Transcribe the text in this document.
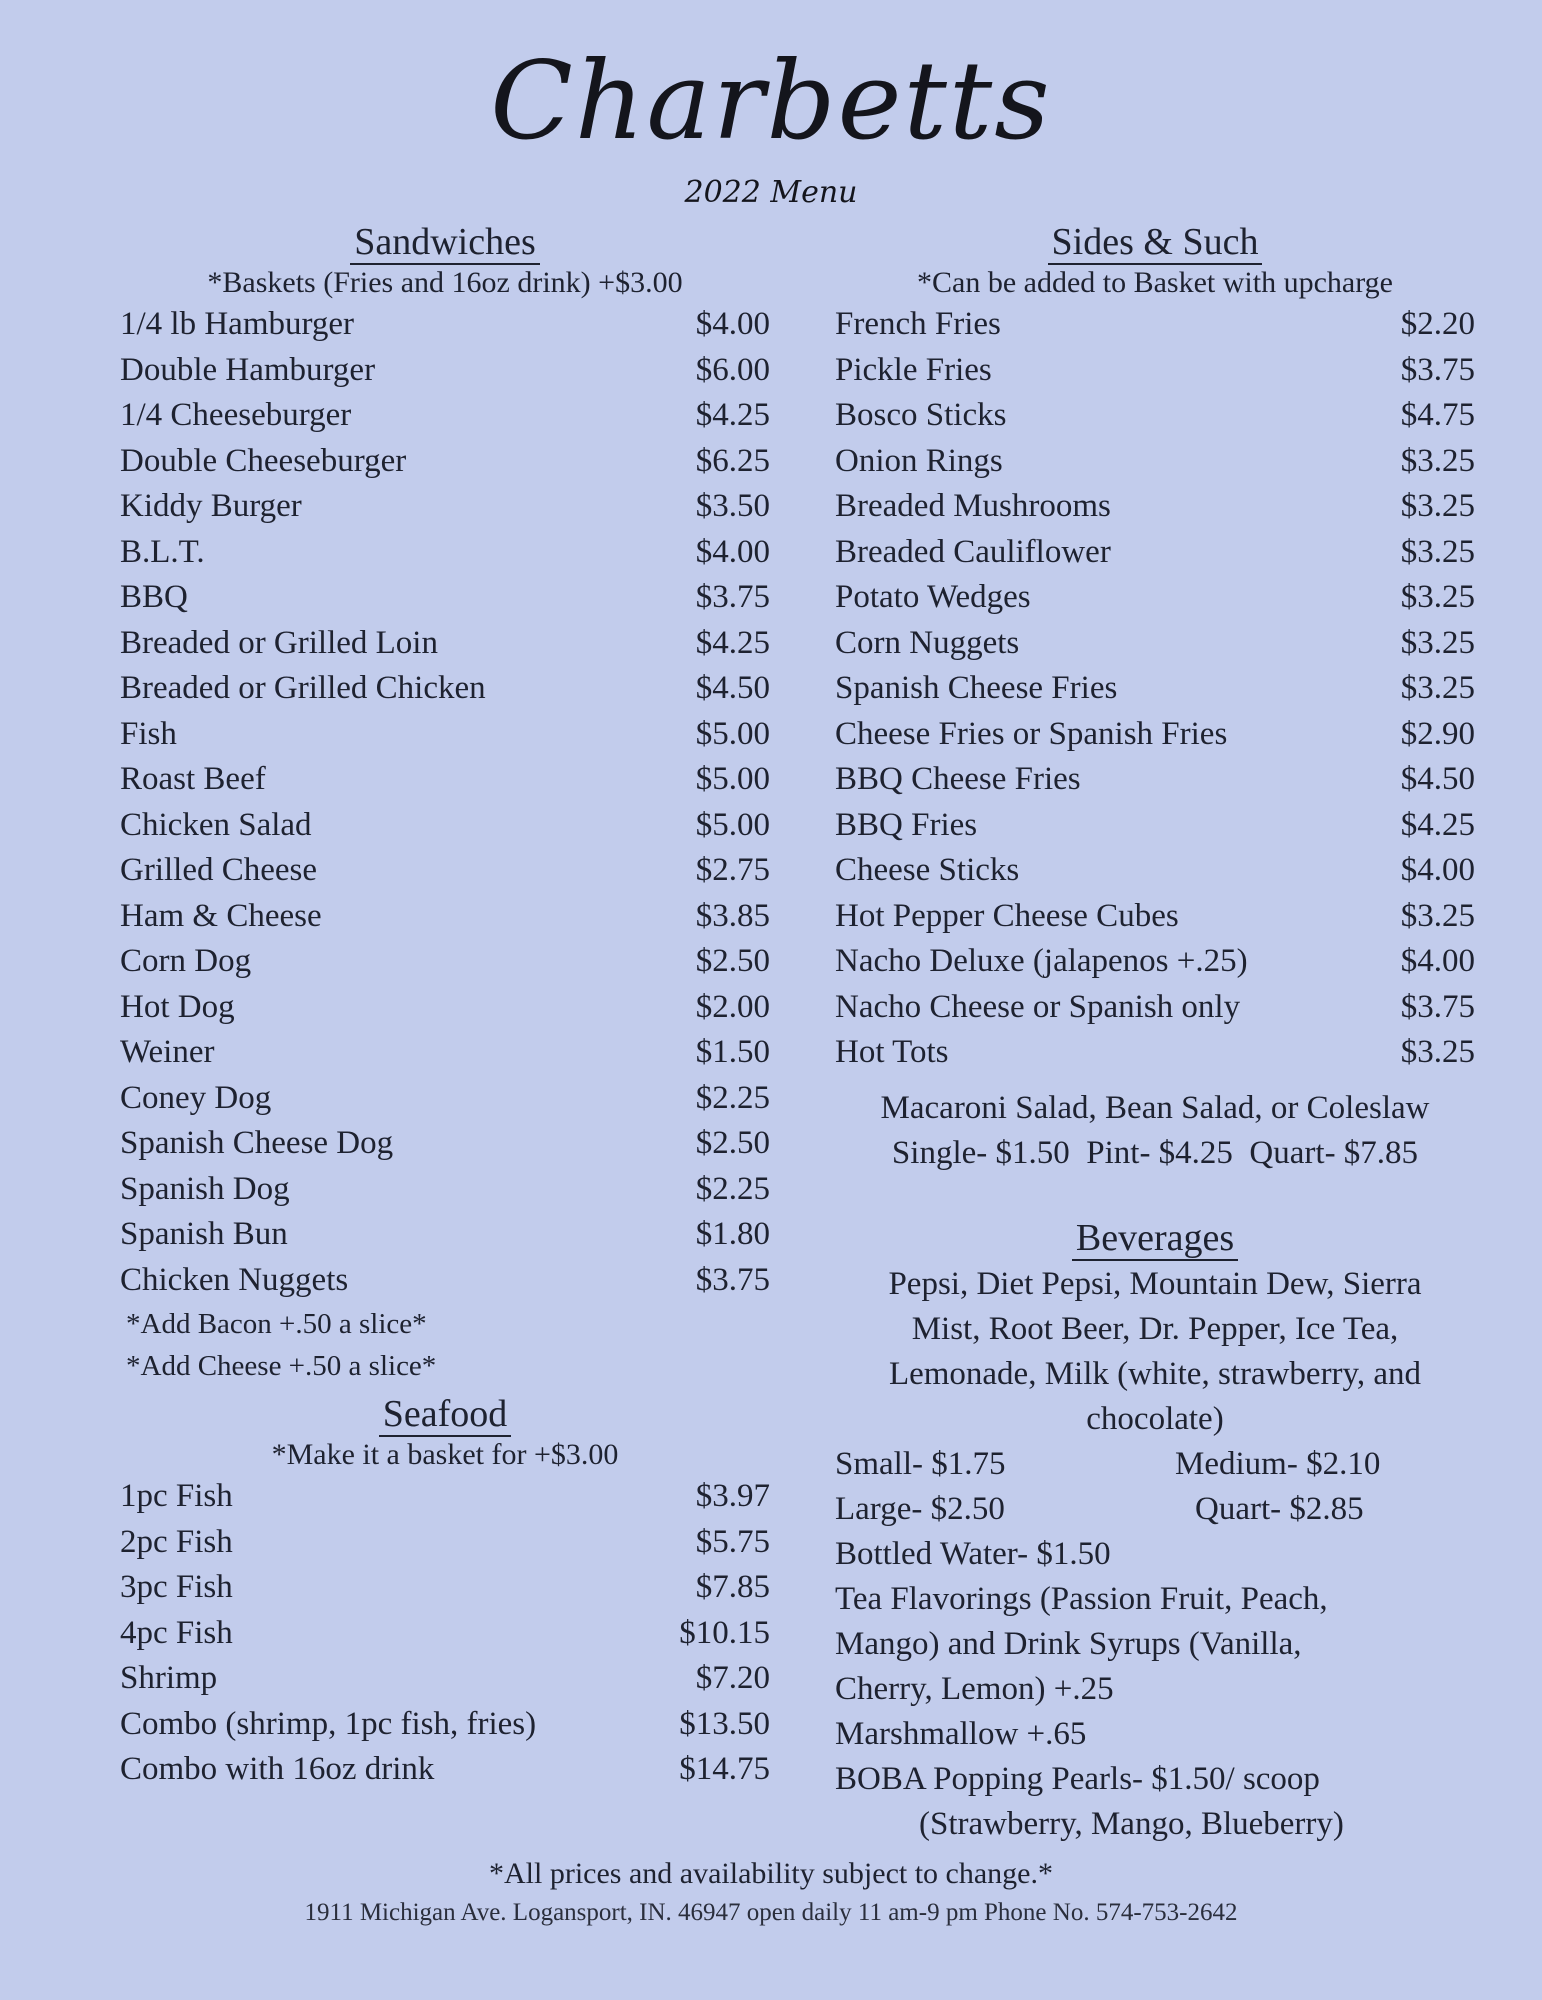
Charbetts
2022 Menu
Sandwiches
*Baskets (Fries and 16oz drink) +$3.00
1/4 lb Hamburger	$4.00
Double Hamburger	$6.00
1/4 Cheeseburger	$4.25
Double Cheeseburger	$6.25
Kiddy Burger	$3.50
B.L.T.	$4.00
BBQ	$3.75
Breaded or Grilled Loin	$4.25
Breaded or Grilled Chicken	$4.50
Fish	$5.00
Roast Beef	$5.00
Chicken Salad	$5.00
Grilled Cheese	$2.75
Ham & Cheese	$3.85
Corn Dog	$2.50
Hot Dog	$2.00
Weiner	$1.50
Coney Dog	$2.25
Spanish Cheese Dog	$2.50
Spanish Dog	$2.25
Spanish Bun	$1.80
Chicken Nuggets	$3.75
*Add Bacon +.50 a slice*
*Add Cheese +.50 a slice*
Seafood
*Make it a basket for +$3.00
1pc Fish	$3.97
2pc Fish	$5.75
3pc Fish	$7.85
4pc Fish	$10.15
Shrimp	$7.20
Combo (shrimp, 1pc fish, fries)	$13.50
Combo with 16oz drink	$14.75
Sides & Such
*Can be added to Basket with upcharge
French Fries	$2.20
Pickle Fries	$3.75
Bosco Sticks	$4.75
Onion Rings	$3.25
Breaded Mushrooms	$3.25
Breaded Cauliflower	$3.25
Potato Wedges	$3.25
Corn Nuggets	$3.25
Spanish Cheese Fries	$3.25
Cheese Fries or Spanish Fries	$2.90
BBQ Cheese Fries	$4.50
BBQ Fries	$4.25
Cheese Sticks	$4.00
Hot Pepper Cheese Cubes	$3.25
Nacho Deluxe (jalapenos +.25)	$4.00
Nacho Cheese or Spanish only	$3.75
Hot Tots	$3.25
Macaroni Salad, Bean Salad, or Coleslaw
Single- $1.50  Pint- $4.25  Quart- $7.85
Beverages
Pepsi, Diet Pepsi, Mountain Dew, Sierra
Mist, Root Beer, Dr. Pepper, Ice Tea,
Lemonade, Milk (white, strawberry, and
chocolate)
Small- $1.75	Medium- $2.10
Large- $2.50	Quart- $2.85
Bottled Water- $1.50
Tea Flavorings (Passion Fruit, Peach,
Mango) and Drink Syrups (Vanilla,
Cherry, Lemon) +.25
Marshmallow +.65
BOBA Popping Pearls- $1.50/ scoop
(Strawberry, Mango, Blueberry)
*All prices and availability subject to change.*
1911 Michigan Ave. Logansport, IN. 46947 open daily 11 am-9 pm Phone No. 574-753-2642
